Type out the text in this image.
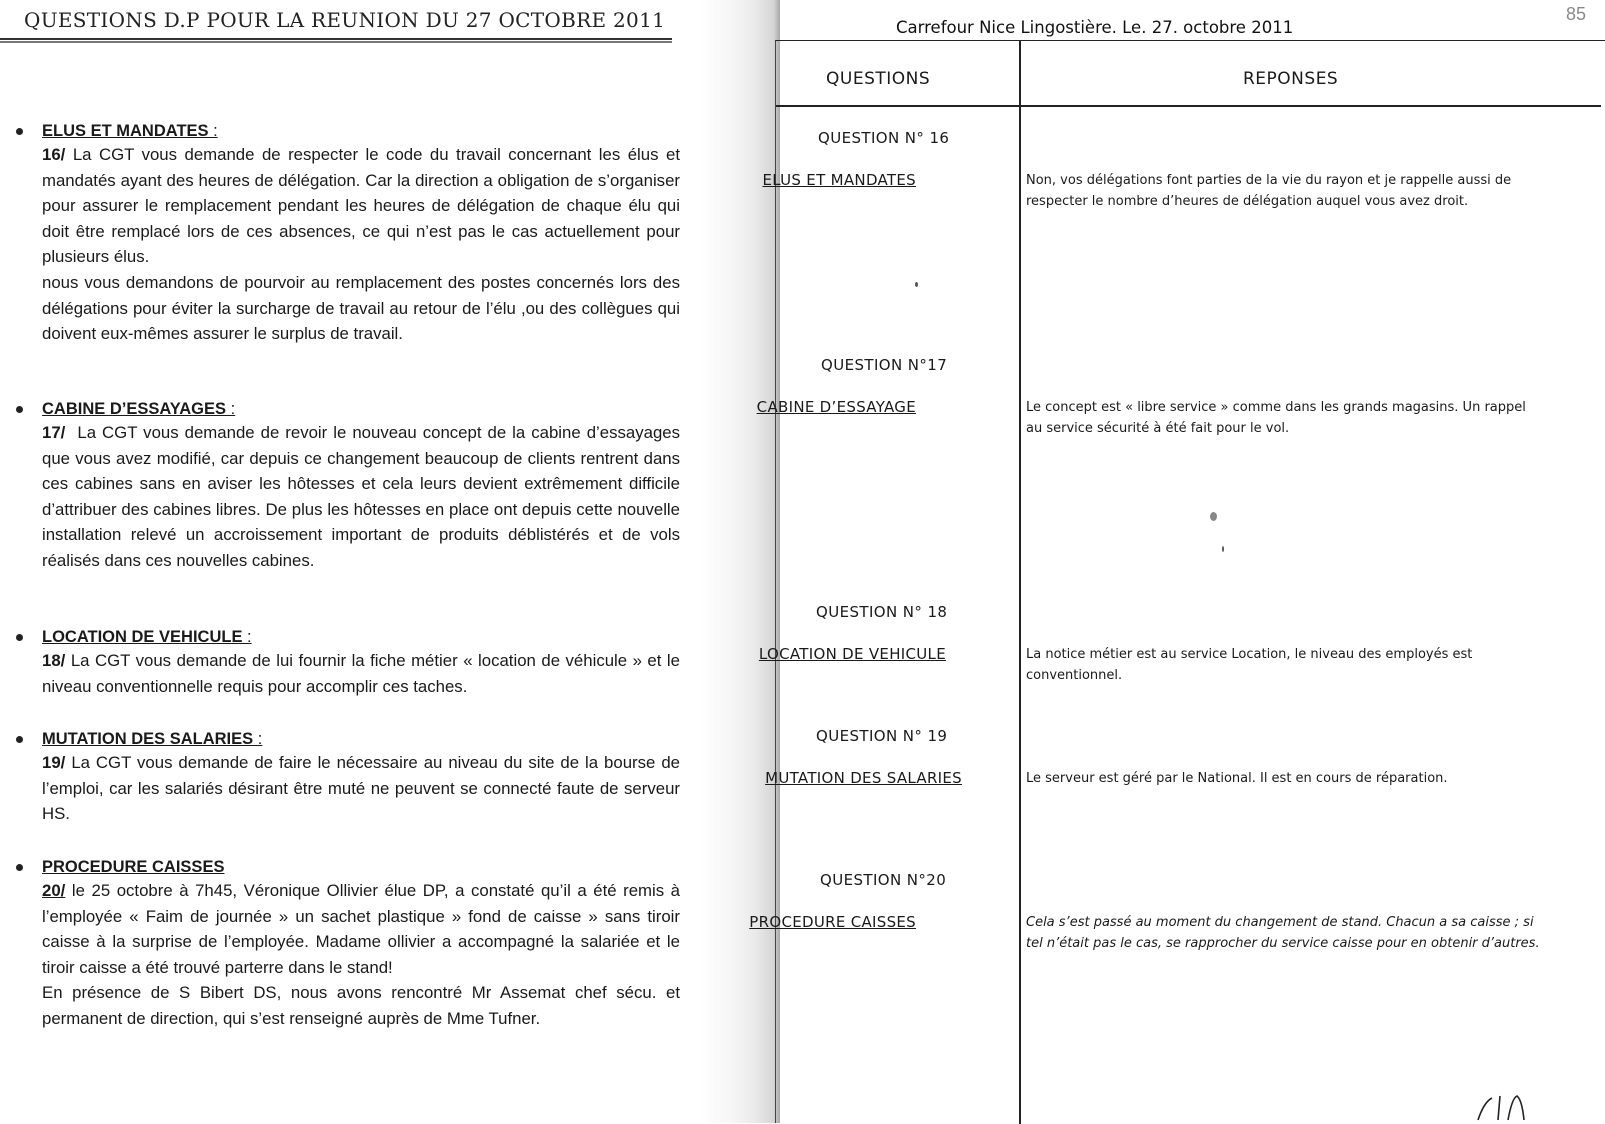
QUESTIONS D.P POUR LA REUNION DU 27 OCTOBRE 2011
ELUS ET MANDATES :

16/ La CGT vous demande de respecter le code du travail concernant les élus et mandatés ayant des heures de délégation. Car la direction a obligation de s’organiser pour assurer le remplacement pendant les heures de délégation de chaque élu qui doit être remplacé lors de ces absences, ce qui n’est pas le cas actuellement pour plusieurs élus.

nous vous demandons de pourvoir au remplacement des postes concernés lors des délégations pour éviter la surcharge de travail au retour de l’élu ,ou des collègues qui doivent eux-mêmes assurer le surplus de travail.

CABINE D’ESSAYAGES :

17/ La CGT vous demande de revoir le nouveau concept de la cabine d’essayages que vous avez modifié, car depuis ce changement beaucoup de clients rentrent dans ces cabines sans en aviser les hôtesses et cela leurs devient extrêmement difficile d’attribuer des cabines libres. De plus les hôtesses en place ont depuis cette nouvelle installation relevé un accroissement important de produits déblistérés et de vols réalisés dans ces nouvelles cabines.

LOCATION DE VEHICULE :

18/ La CGT vous demande de lui fournir la fiche métier « location de véhicule » et le niveau conventionnelle requis pour accomplir ces taches.

MUTATION DES SALARIES :

19/ La CGT vous demande de faire le nécessaire au niveau du site de la bourse de l’emploi, car les salariés désirant être muté ne peuvent se connecté faute de serveur HS.

PROCEDURE CAISSES

20/ le 25 octobre à 7h45, Véronique Ollivier élue DP, a constaté qu’il a été remis à l’employée « Faim de journée » un sachet plastique » fond de caisse » sans tiroir caisse à la surprise de l’employée. Madame ollivier a accompagné la salariée et le tiroir caisse a été trouvé parterre dans le stand!

En présence de S Bibert DS, nous avons rencontré Mr Assemat chef sécu. et permanent de direction, qui s’est renseigné auprès de Mme Tufner.

Carrefour Nice Lingostière. Le. 27. octobre 2011
85
QUESTIONS	REPONSES
QUESTION N° 16
ELUS ET MANDATES	Non, vos délégations font parties de la vie du rayon et je rappelle aussi de respecter le nombre d’heures de délégation auquel vous avez droit.

QUESTION N°17
CABINE D’ESSAYAGE	Le concept est « libre service » comme dans les grands magasins. Un rappel au service sécurité à été fait pour le vol.

QUESTION N° 18
LOCATION DE VEHICULE	La notice métier est au service Location, le niveau des employés est conventionnel.

QUESTION N° 19
MUTATION DES SALARIES	Le serveur est géré par le National. Il est en cours de réparation.

QUESTION N°20
PROCEDURE CAISSES	Cela s’est passé au moment du changement de stand. Chacun a sa caisse ; si tel n’était pas le cas, se rapprocher du service caisse pour en obtenir d’autres.
